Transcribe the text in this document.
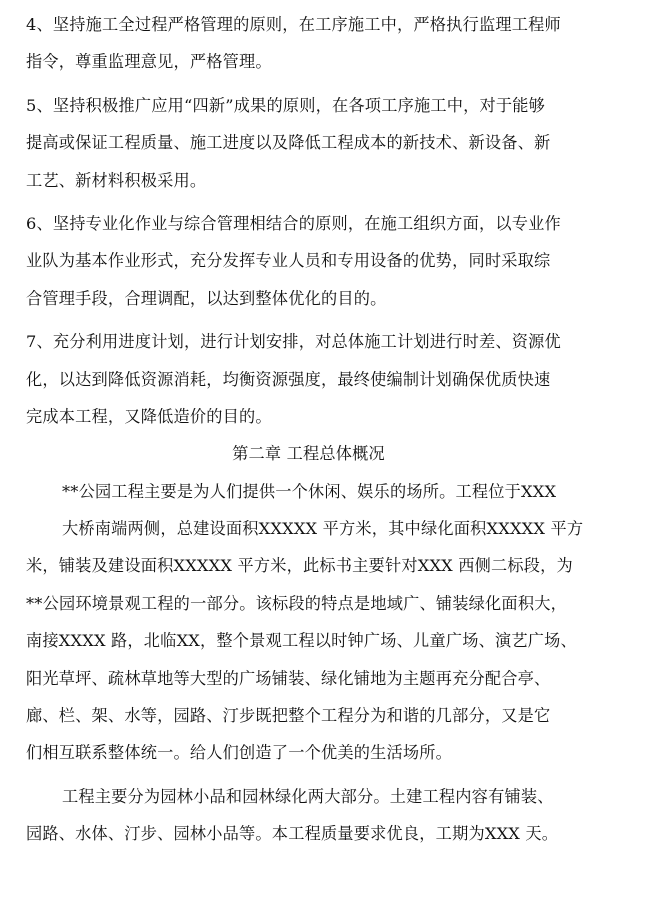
4、坚持施工全过程严格管理的原则，在工序施工中，严格执行监理工程师
指令，尊重监理意见，严格管理。
5、坚持积极推广应用“四新”成果的原则，在各项工序施工中，对于能够
提高或保证工程质量、施工进度以及降低工程成本的新技术、新设备、新
工艺、新材料积极采用。
6、坚持专业化作业与综合管理相结合的原则，在施工组织方面，以专业作
业队为基本作业形式，充分发挥专业人员和专用设备的优势，同时采取综
合管理手段，合理调配，以达到整体优化的目的。
7、充分利用进度计划，进行计划安排，对总体施工计划进行时差、资源优
化，以达到降低资源消耗，均衡资源强度，最终使编制计划确保优质快速
完成本工程，又降低造价的目的。
第二章 工程总体概况
**公园工程主要是为人们提供一个休闲、娱乐的场所。工程位于XXX
大桥南端两侧，总建设面积XXXXX 平方米，其中绿化面积XXXXX 平方
米，铺装及建设面积XXXXX 平方米，此标书主要针对XXX 西侧二标段，为
**公园环境景观工程的一部分。该标段的特点是地域广、铺装绿化面积大，
南接XXXX 路，北临XX，整个景观工程以时钟广场、儿童广场、演艺广场、
阳光草坪、疏林草地等大型的广场铺装、绿化铺地为主题再充分配合亭、
廊、栏、架、水等，园路、汀步既把整个工程分为和谐的几部分，又是它
们相互联系整体统一。给人们创造了一个优美的生活场所。
工程主要分为园林小品和园林绿化两大部分。土建工程内容有铺装、
园路、水体、汀步、园林小品等。本工程质量要求优良，工期为XXX 天。
